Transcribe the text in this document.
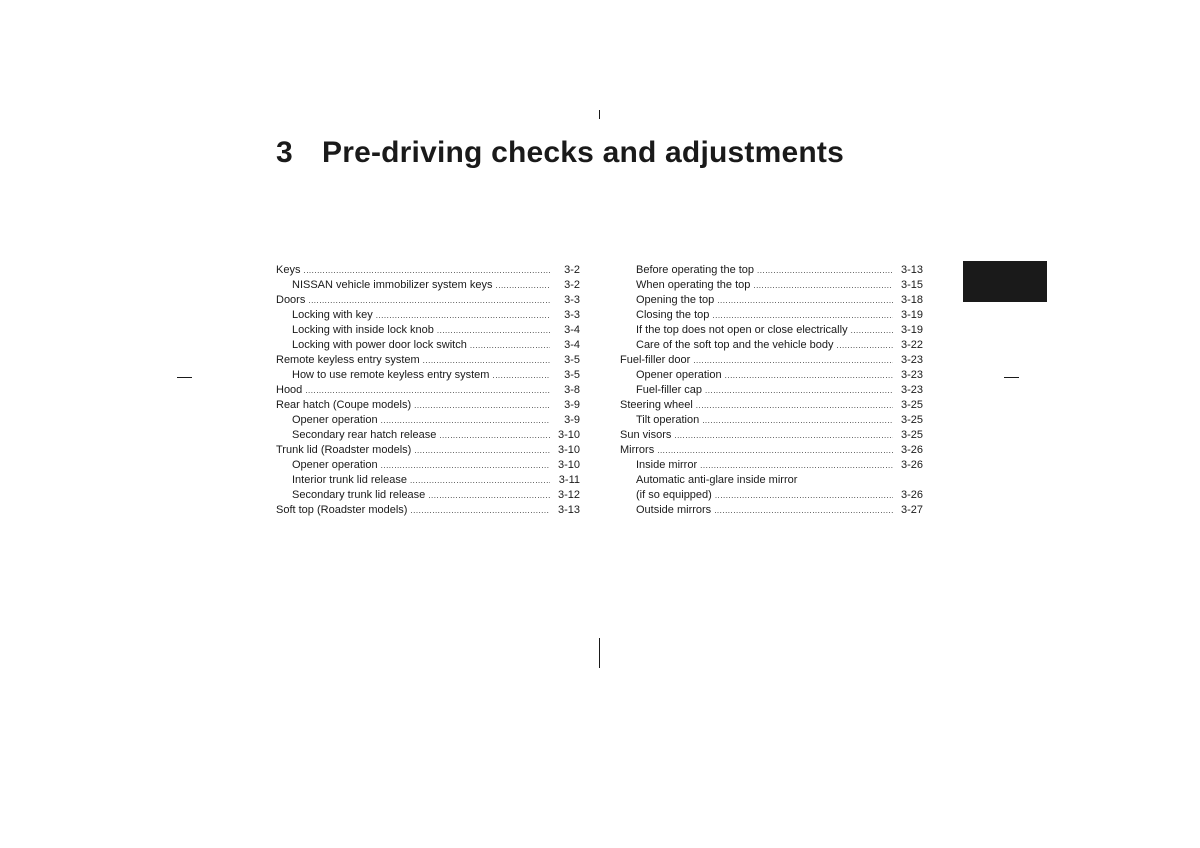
3 Pre-driving checks and adjustments
Keys .....	3-2
NISSAN vehicle immobilizer system keys .....	3-2
Doors .....	3-3
Locking with key .....	3-3
Locking with inside lock knob .....	3-4
Locking with power door lock switch .....	3-4
Remote keyless entry system .....	3-5
How to use remote keyless entry system .....	3-5
Hood .....	3-8
Rear hatch (Coupe models) .....	3-9
Opener operation .....	3-9
Secondary rear hatch release .....	3-10
Trunk lid (Roadster models) .....	3-10
Opener operation .....	3-10
Interior trunk lid release .....	3-11
Secondary trunk lid release .....	3-12
Soft top (Roadster models) .....	3-13
Before operating the top .....	3-13
When operating the top .....	3-15
Opening the top .....	3-18
Closing the top .....	3-19
If the top does not open or close electrically .....	3-19
Care of the soft top and the vehicle body .....	3-22
Fuel-filler door .....	3-23
Opener operation .....	3-23
Fuel-filler cap .....	3-23
Steering wheel .....	3-25
Tilt operation .....	3-25
Sun visors .....	3-25
Mirrors .....	3-26
Inside mirror .....	3-26
Automatic anti-glare inside mirror
(if so equipped) .....	3-26
Outside mirrors .....	3-27
